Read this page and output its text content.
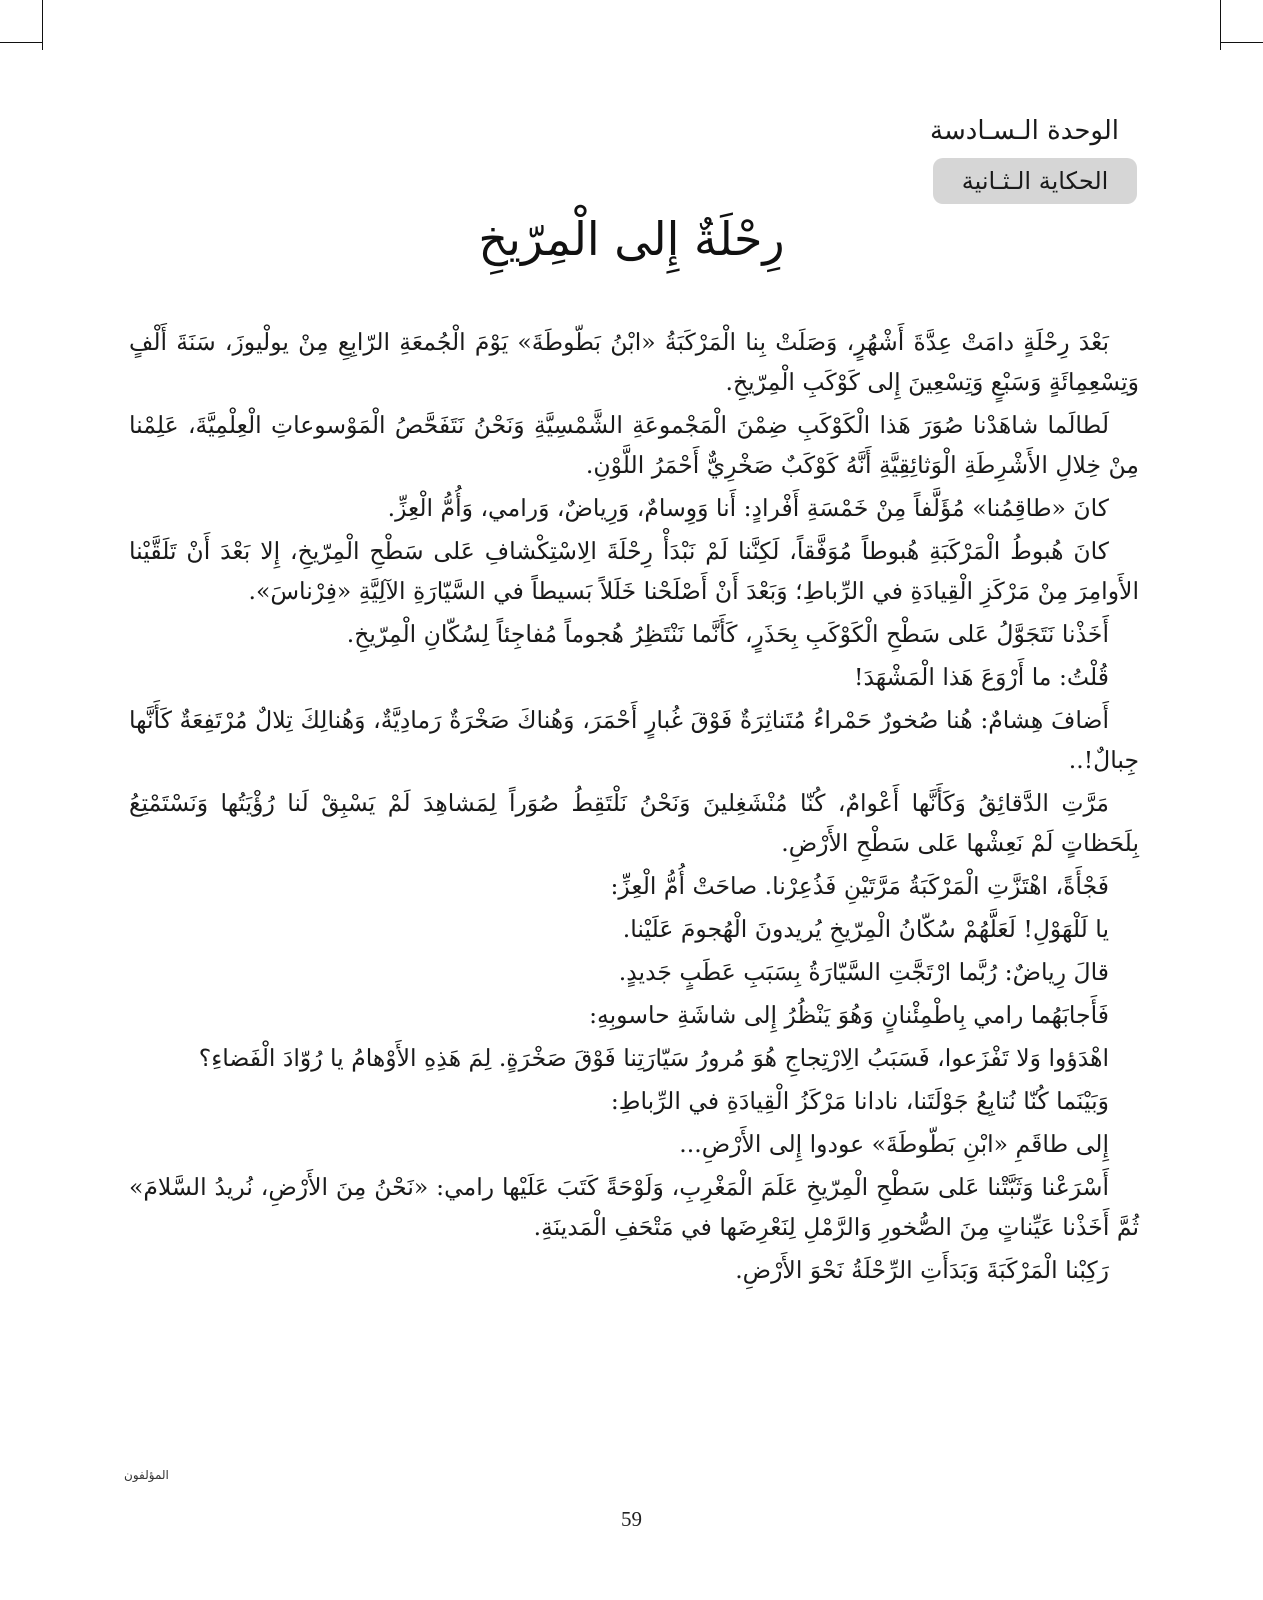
الوحدة الـسـادسة
الحكاية الـثـانية
رِحْلَةٌ إِلى الْمِرّيخِ

بَعْدَ رِحْلَةٍ دامَتْ عِدَّةَ أَشْهُرٍ، وَصَلَتْ بِنا الْمَرْكَبَةُ «ابْنُ بَطّوطَةَ» يَوْمَ الْجُمعَةِ الرّابِعِ مِنْ يولْيوزَ، سَنَةَ أَلْفٍ وَتِسْعِمِائَةٍ وَسَبْعٍ وَتِسْعِينَ إِلى كَوْكَبِ الْمِرّيخِ.

لَطالَما شاهَدْنا صُوَرَ هَذا الْكَوْكَبِ ضِمْنَ الْمَجْموعَةِ الشَّمْسِيَّةِ وَنَحْنُ نَتَفَحَّصُ الْمَوْسوعاتِ الْعِلْمِيَّةَ، عَلِمْنا مِنْ خِلالِ الأَشْرِطَةِ الْوَثائِقِيَّةِ أَنَّهُ كَوْكَبٌ صَخْرِيٌّ أَحْمَرُ اللَّوْنِ.

كانَ «طاقِمُنا» مُؤَلَّفاً مِنْ خَمْسَةِ أَفْرادٍ: أَنا وَوِسامٌ، وَرِياضٌ، وَرامي، وَأُمُّ الْعِزِّ.

كانَ هُبوطُ الْمَرْكَبَةِ هُبوطاً مُوَفَّقاً، لَكِنَّنا لَمْ نَبْدَأْ رِحْلَةَ الِاسْتِكْشافِ عَلى سَطْحِ الْمِرّيخِ، إِلا بَعْدَ أَنْ تَلَقَّيْنا الأَوامِرَ مِنْ مَرْكَزِ الْقِيادَةِ في الرِّباطِ؛ وَبَعْدَ أَنْ أَصْلَحْنا خَلَلاً بَسيطاً في السَّيّارَةِ الآلِيَّةِ «فِرْناسَ».

أَخَذْنا نَتَجَوَّلُ عَلى سَطْحِ الْكَوْكَبِ بِحَذَرٍ، كَأَنَّما نَنْتَظِرُ هُجوماً مُفاجِئاً لِسُكّانِ الْمِرّيخِ.

قُلْتُ: ما أَرْوَعَ هَذا الْمَشْهَدَ!

أَضافَ هِشامٌ: هُنا صُخورٌ حَمْراءُ مُتَناثِرَةٌ فَوْقَ غُبارٍ أَحْمَرَ، وَهُناكَ صَخْرَةٌ رَمادِيَّةٌ، وَهُنالِكَ تِلالٌ مُرْتَفِعَةٌ كَأَنَّها جِبالٌ!..

مَرَّتِ الدَّقائِقُ وَكَأَنَّها أَعْوامٌ، كُنّا مُنْشَغِلينَ وَنَحْنُ نَلْتَقِطُ صُوَراً لِمَشاهِدَ لَمْ يَسْبِقْ لَنا رُؤْيَتُها وَنَسْتَمْتِعُ بِلَحَظاتٍ لَمْ نَعِشْها عَلى سَطْحِ الأَرْضِ.

فَجْأَةً، اهْتَزَّتِ الْمَرْكَبَةُ مَرَّتَيْنِ فَذُعِرْنا. صاحَتْ أُمُّ الْعِزِّ:

يا لَلْهَوْلِ! لَعَلَّهُمْ سُكّانُ الْمِرّيخِ يُريدونَ الْهُجومَ عَلَيْنا.

قالَ رِياضٌ: رُبَّما ارْتَجَّتِ السَّيّارَةُ بِسَبَبِ عَطَبٍ جَديدٍ.

فَأَجابَهُما رامي بِاطْمِئْنانٍ وَهُوَ يَنْظُرُ إِلى شاشَةِ حاسوبِهِ:

اهْدَؤوا وَلا تَفْزَعوا، فَسَبَبُ الِارْتِجاجِ هُوَ مُرورُ سَيّارَتِنا فَوْقَ صَخْرَةٍ. لِمَ هَذِهِ الأَوْهامُ يا رُوّادَ الْفَضاءِ؟

وَبَيْنَما كُنّا نُتابِعُ جَوْلَتَنا، نادانا مَرْكَزُ الْقِيادَةِ في الرِّباطِ:

إِلى طاقَمِ «ابْنِ بَطّوطَةَ» عودوا إِلى الأَرْضِ...

أَسْرَعْنا وَثَبَّتْنا عَلى سَطْحِ الْمِرّيخِ عَلَمَ الْمَغْرِبِ، وَلَوْحَةً كَتَبَ عَلَيْها رامي: «نَحْنُ مِنَ الأَرْضِ، نُريدُ السَّلامَ» ثُمَّ أَخَذْنا عَيِّناتٍ مِنَ الصُّخورِ وَالرَّمْلِ لِنَعْرِضَها في مَتْحَفِ الْمَدينَةِ.

رَكِبْنا الْمَرْكَبَةَ وَبَدَأَتِ الرِّحْلَةُ نَحْوَ الأَرْضِ.

المؤلفون
59
